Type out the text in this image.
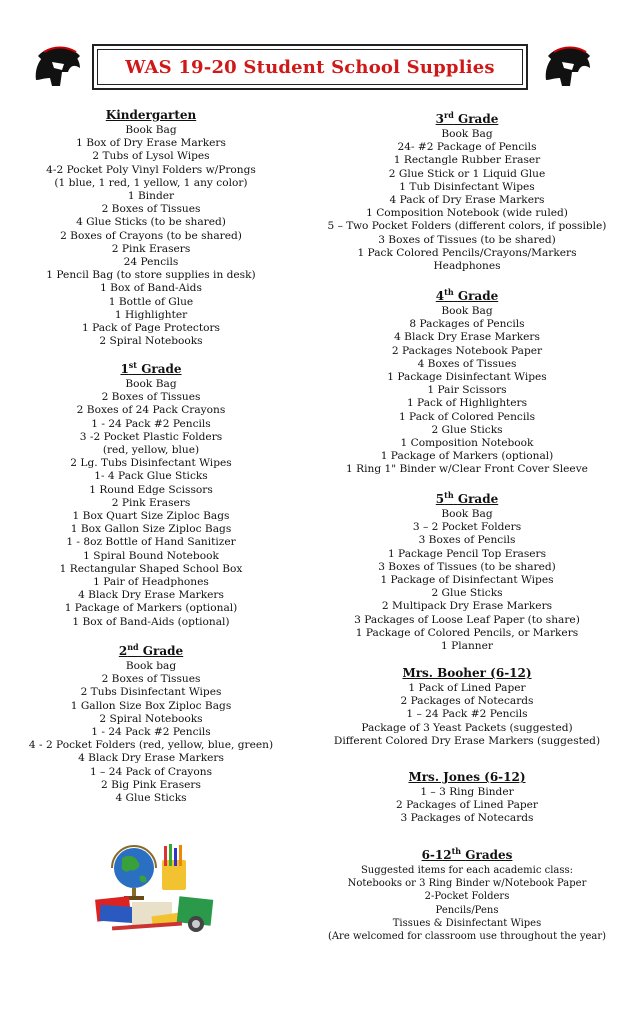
WAS 19-20 Student School Supplies
Kindergarten
Book Bag
1 Box of Dry Erase Markers
2 Tubs of Lysol Wipes
4-2 Pocket Poly Vinyl Folders w/Prongs
(1 blue, 1 red, 1 yellow, 1 any color)
1 Binder
2 Boxes of Tissues
4 Glue Sticks (to be shared)
2 Boxes of Crayons (to be shared)
2 Pink Erasers
24 Pencils
1 Pencil Bag (to store supplies in desk)
1 Box of Band-Aids
1 Bottle of Glue
1 Highlighter
1 Pack of Page Protectors
2 Spiral Notebooks
1st Grade
Book Bag
2 Boxes of Tissues
2 Boxes of 24 Pack Crayons
1 - 24 Pack #2 Pencils
3 -2 Pocket Plastic Folders
(red, yellow, blue)
2 Lg. Tubs Disinfectant Wipes
1- 4 Pack Glue Sticks
1 Round Edge Scissors
2 Pink Erasers
1 Box Quart Size Ziploc Bags
1 Box Gallon Size Ziploc Bags
1 - 8oz Bottle of Hand Sanitizer
1 Spiral Bound Notebook
1 Rectangular Shaped School Box
1 Pair of Headphones
4 Black Dry Erase Markers
1 Package of Markers (optional)
1 Box of Band-Aids (optional)
2nd Grade
Book bag
2 Boxes of Tissues
2 Tubs Disinfectant Wipes
1 Gallon Size Box Ziploc Bags
2 Spiral Notebooks
1 - 24 Pack #2 Pencils
4 - 2 Pocket Folders (red, yellow, blue, green)
4 Black Dry Erase Markers
1 – 24 Pack of Crayons
2 Big Pink Erasers
4 Glue Sticks
3rd Grade
Book Bag
24- #2 Package of Pencils
1 Rectangle Rubber Eraser
2 Glue Stick or 1 Liquid Glue
1 Tub Disinfectant Wipes
4 Pack of Dry Erase Markers
1 Composition Notebook (wide ruled)
5 – Two Pocket Folders (different colors, if possible)
3 Boxes of Tissues (to be shared)
1 Pack Colored Pencils/Crayons/Markers
Headphones
4th Grade
Book Bag
8 Packages of Pencils
4 Black Dry Erase Markers
2 Packages Notebook Paper
4 Boxes of Tissues
1 Package Disinfectant Wipes
1 Pair Scissors
1 Pack of Highlighters
1 Pack of Colored Pencils
2 Glue Sticks
1 Composition Notebook
1 Package of Markers (optional)
1 Ring 1" Binder w/Clear Front Cover Sleeve
5th Grade
Book Bag
3 – 2 Pocket Folders
3 Boxes of Pencils
1 Package Pencil Top Erasers
3 Boxes of Tissues (to be shared)
1 Package of Disinfectant Wipes
2 Glue Sticks
2 Multipack Dry Erase Markers
3 Packages of Loose Leaf Paper (to share)
1 Package of Colored Pencils, or Markers
1 Planner
Mrs. Booher (6-12)
1 Pack of Lined Paper
2 Packages of Notecards
1 – 24 Pack #2 Pencils
Package of 3 Yeast Packets (suggested)
Different Colored Dry Erase Markers (suggested)
Mrs. Jones (6-12)
1 – 3 Ring Binder
2 Packages of Lined Paper
3 Packages of Notecards
6-12th Grades
Suggested items for each academic class:
Notebooks or 3 Ring Binder w/Notebook Paper
2-Pocket Folders
Pencils/Pens
Tissues & Disinfectant Wipes
(Are welcomed for classroom use throughout the year)
